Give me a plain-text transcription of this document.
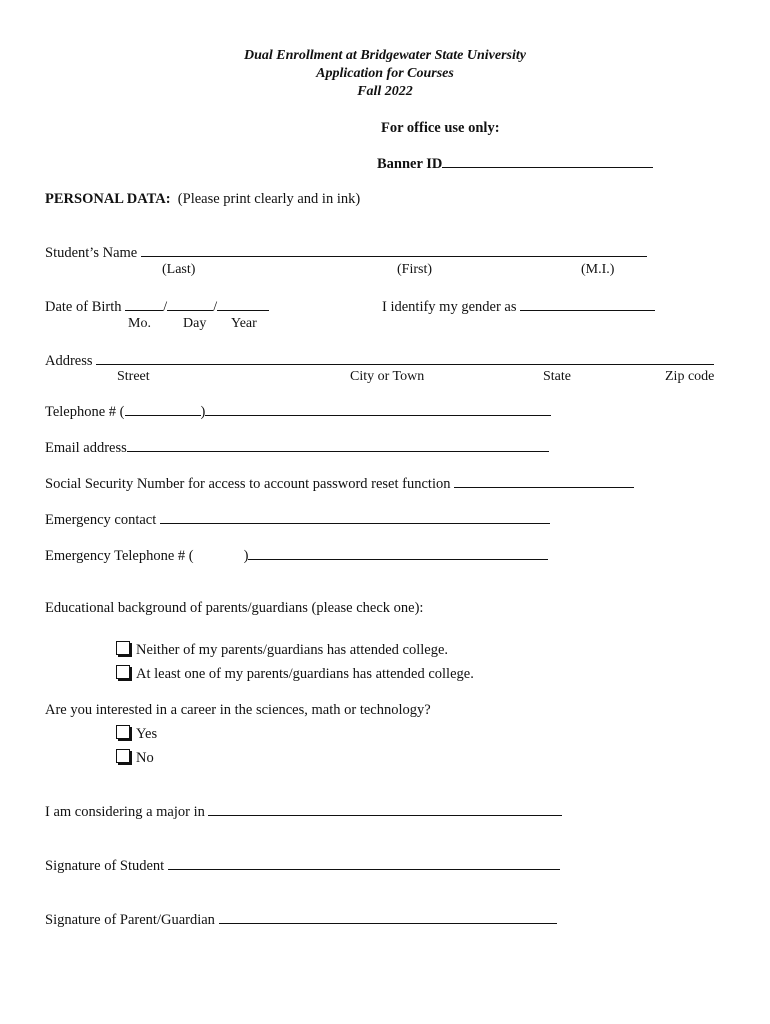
Dual Enrollment at Bridgewater State University
Application for Courses
Fall 2022
For office use only:
Banner ID
PERSONAL DATA: (Please print clearly and in ink)
Student’s Name
(Last)	(First)	(M.I.)
Date of Birth	/	/
Mo. Day Year
I identify my gender as
Address
Street	City or Town	State	Zip code
Telephone # (	)
Email address
Social Security Number for access to account password reset function
Emergency contact
Emergency Telephone # (	)
Educational background of parents/guardians (please check one):
Neither of my parents/guardians has attended college.
At least one of my parents/guardians has attended college.
Are you interested in a career in the sciences, math or technology?
Yes
No
I am considering a major in
Signature of Student
Signature of Parent/Guardian
